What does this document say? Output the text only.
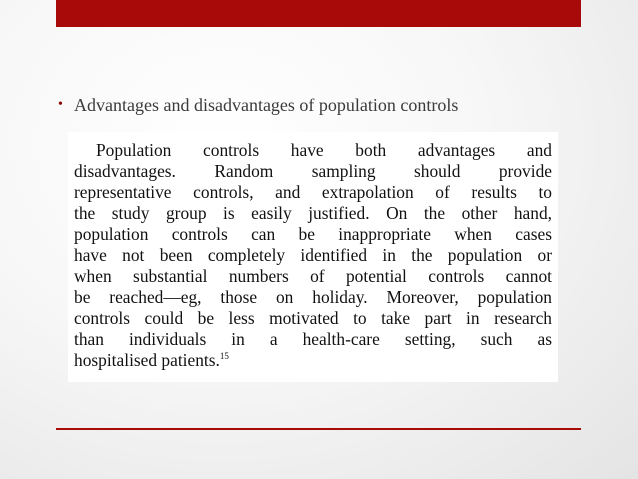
• Advantages and disadvantages of population controls
Population controls have both advantages and
disadvantages. Random sampling should provide
representative controls, and extrapolation of results to
the study group is easily justified. On the other hand,
population controls can be inappropriate when cases
have not been completely identified in the population or
when substantial numbers of potential controls cannot
be reached—eg, those on holiday. Moreover, population
controls could be less motivated to take part in research
than individuals in a health-care setting, such as
hospitalised patients.$^{15}$
